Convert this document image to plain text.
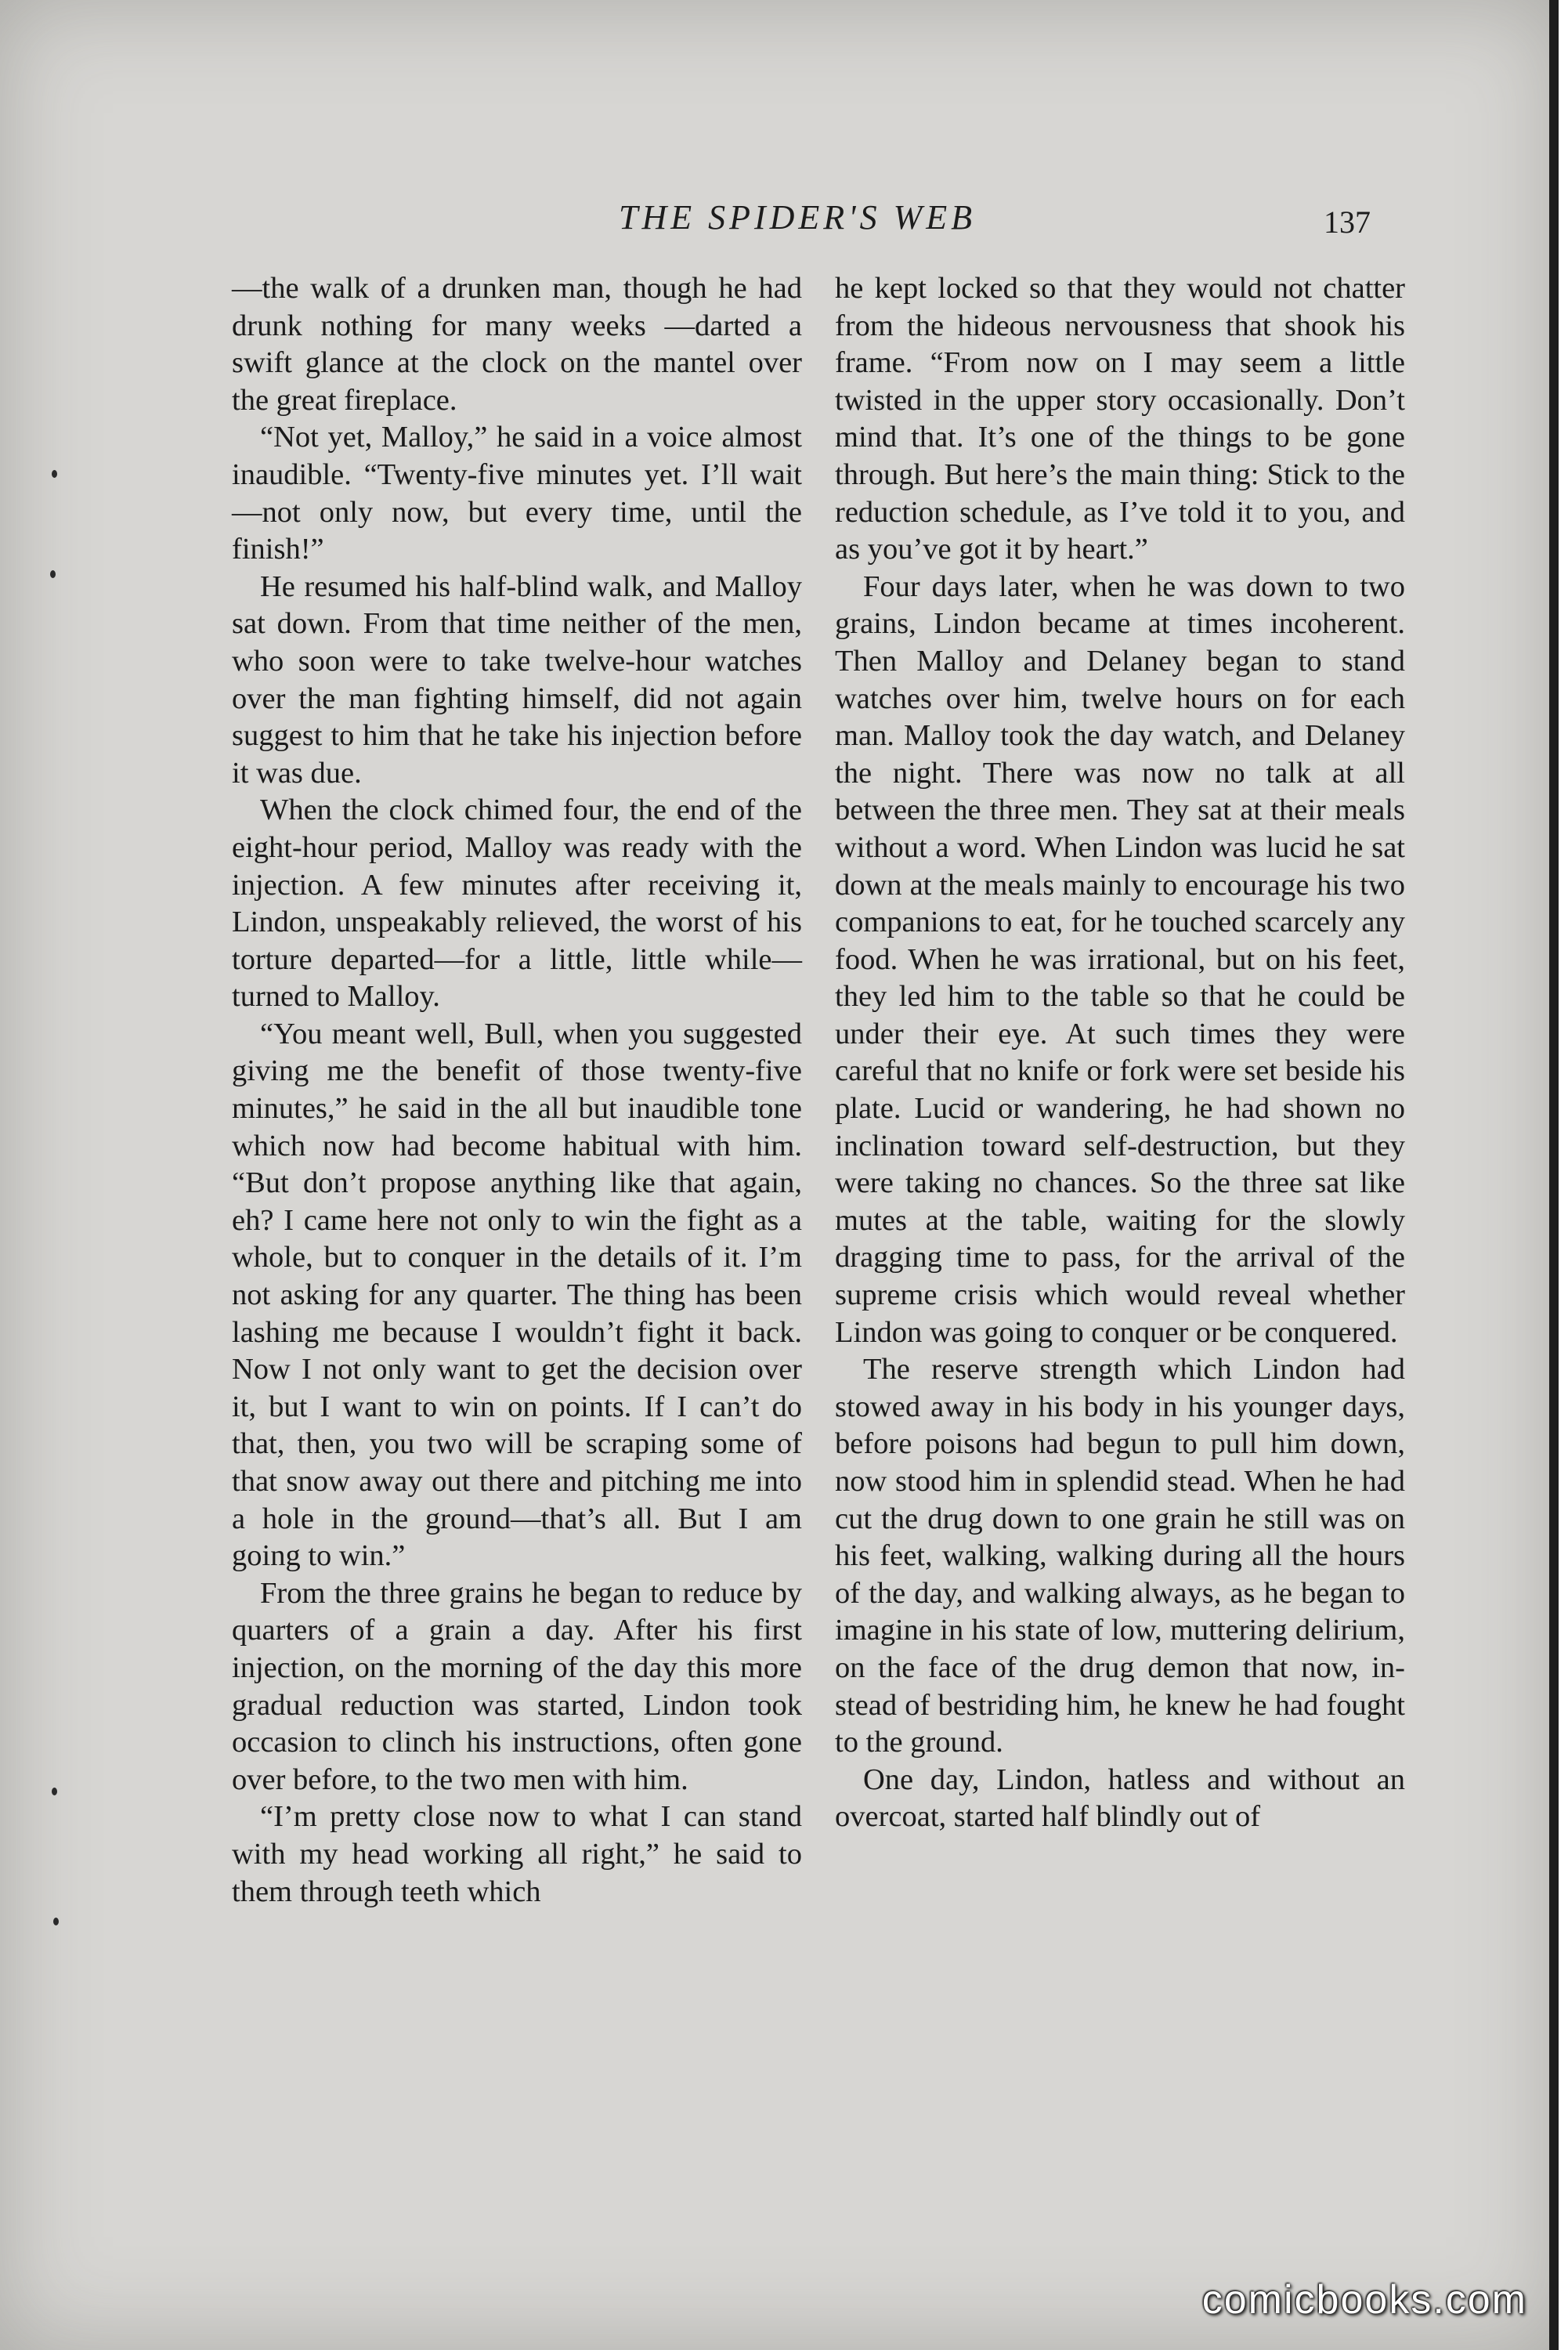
THE SPIDER'S WEB	137

—the walk of a drunken man, though he had drunk nothing for many weeks —darted a swift glance at the clock on the mantel over the great fireplace.

“Not yet, Malloy,” he said in a voice almost inaudible. “Twenty-five minutes yet. I’ll wait—not only now, but every time, until the finish!”

He resumed his half-blind walk, and Malloy sat down. From that time neither of the men, who soon were to take twelve-hour watches over the man fighting himself, did not again suggest to him that he take his injection before it was due.

When the clock chimed four, the end of the eight-hour period, Malloy was ready with the injection. A few minutes after receiving it, Lindon, unspeakably relieved, the worst of his torture departed—for a little, little while—turned to Malloy.

“You meant well, Bull, when you suggested giving me the benefit of those twenty-five minutes,” he said in the all but inaudible tone which now had become habitual with him. “But don’t propose anything like that again, eh? I came here not only to win the fight as a whole, but to conquer in the details of it. I’m not asking for any quarter. The thing has been lashing me because I wouldn’t fight it back. Now I not only want to get the decision over it, but I want to win on points. If I can’t do that, then, you two will be scraping some of that snow away out there and pitching me into a hole in the ground—that’s all. But I am going to win.”

From the three grains he began to reduce by quarters of a grain a day. After his first injection, on the morning of the day this more gradual reduction was started, Lindon took occasion to clinch his instructions, often gone over before, to the two men with him.

“I’m pretty close now to what I can stand with my head working all right,” he said to them through teeth which

he kept locked so that they would not chatter from the hideous nervousness that shook his frame. “From now on I may seem a little twisted in the upper story occasionally. Don’t mind that. It’s one of the things to be gone through. But here’s the main thing: Stick to the reduction schedule, as I’ve told it to you, and as you’ve got it by heart.”

Four days later, when he was down to two grains, Lindon became at times incoherent. Then Malloy and Delaney began to stand watches over him, twelve hours on for each man. Malloy took the day watch, and Delaney the night. There was now no talk at all between the three men. They sat at their meals without a word. When Lindon was lucid he sat down at the meals mainly to encourage his two companions to eat, for he touched scarcely any food. When he was irrational, but on his feet, they led him to the table so that he could be under their eye. At such times they were careful that no knife or fork were set beside his plate. Lucid or wandering, he had shown no inclination toward self-destruction, but they were taking no chances. So the three sat like mutes at the table, waiting for the slowly dragging time to pass, for the arrival of the supreme crisis which would reveal whether Lindon was going to conquer or be conquered.

The reserve strength which Lindon had stowed away in his body in his younger days, before poisons had begun to pull him down, now stood him in splendid stead. When he had cut the drug down to one grain he still was on his feet, walking, walking during all the hours of the day, and walking always, as he began to imagine in his state of low, muttering delirium, on the face of the drug demon that now, instead of bestriding him, he knew he had fought to the ground.

One day, Lindon, hatless and without an overcoat, started half blindly out of

comicbooks.com
